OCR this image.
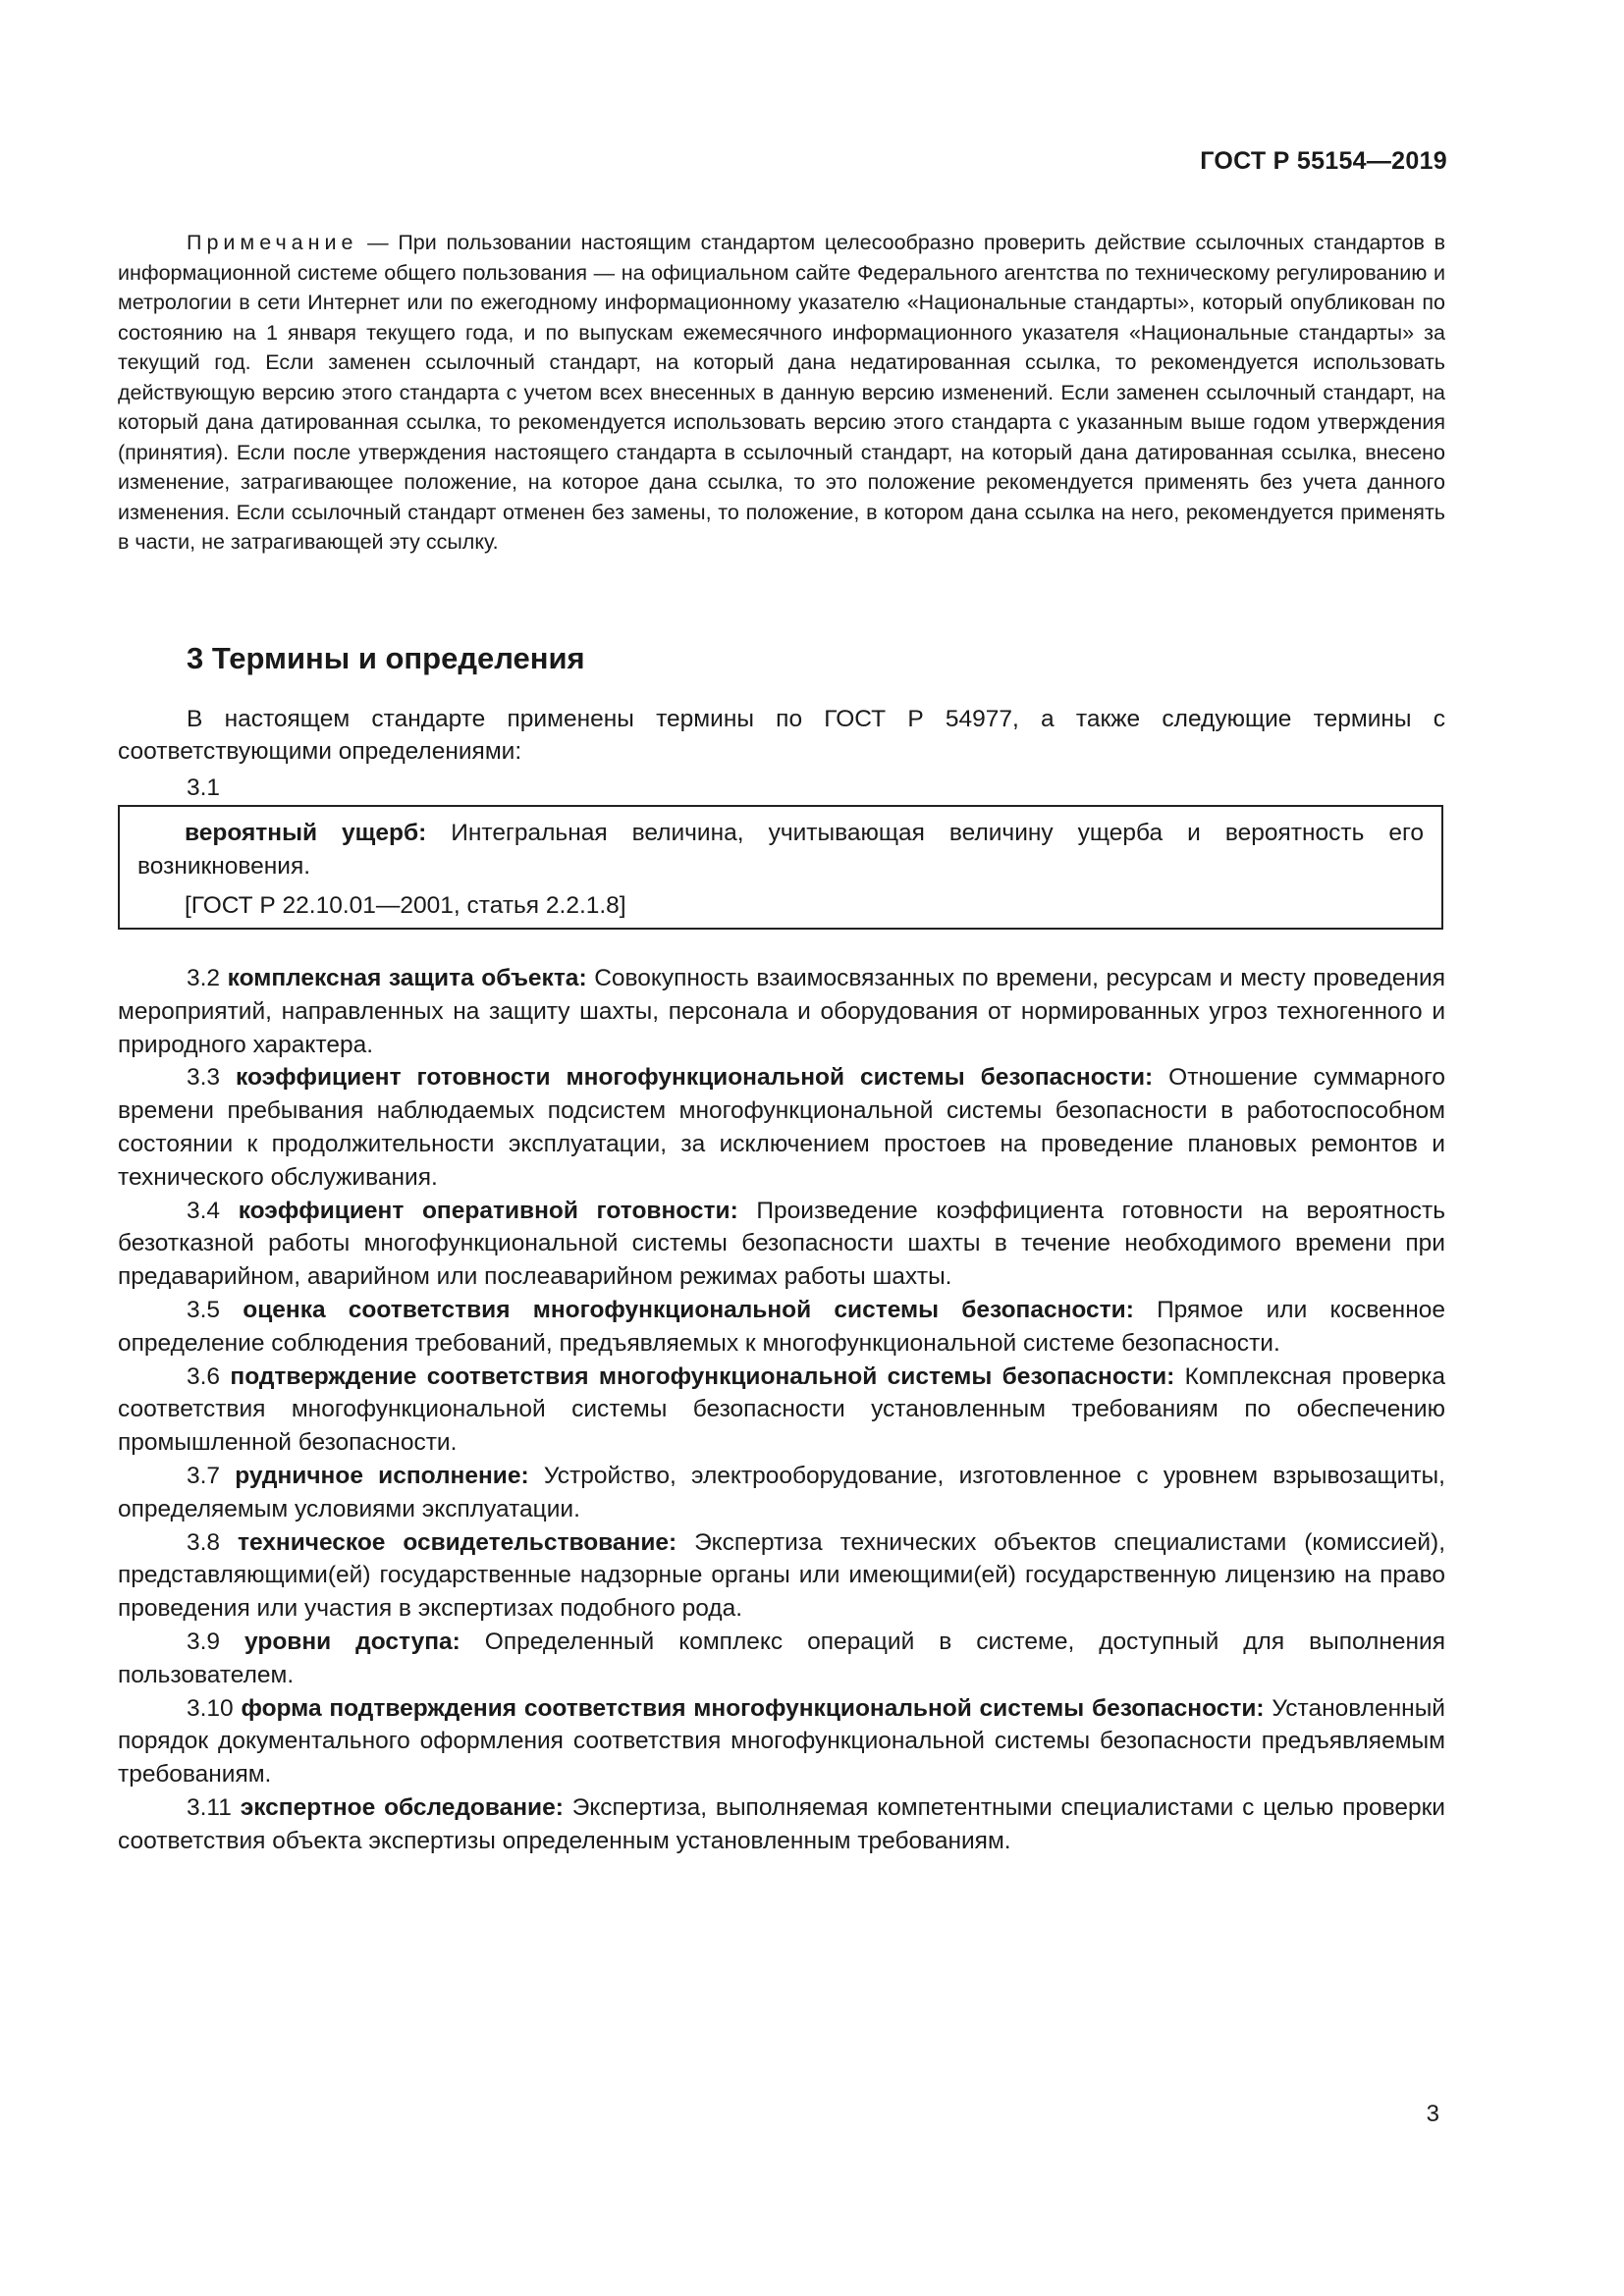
ГОСТ Р 55154—2019

Примечание — При пользовании настоящим стандартом целесообразно проверить действие ссылочных стандартов в информационной системе общего пользования — на официальном сайте Федерального агентства по техническому регулированию и метрологии в сети Интернет или по ежегодному информационному указателю «Национальные стандарты», который опубликован по состоянию на 1 января текущего года, и по выпускам ежемесячного информационного указателя «Национальные стандарты» за текущий год. Если заменен ссылочный стандарт, на который дана недатированная ссылка, то рекомендуется использовать действующую версию этого стандарта с учетом всех внесенных в данную версию изменений. Если заменен ссылочный стандарт, на который дана датированная ссылка, то рекомендуется использовать версию этого стандарта с указанным выше годом утверждения (принятия). Если после утверждения настоящего стандарта в ссылочный стандарт, на который дана датированная ссылка, внесено изменение, затрагивающее положение, на которое дана ссылка, то это положение рекомендуется применять без учета данного изменения. Если ссылочный стандарт отменен без замены, то положение, в котором дана ссылка на него, рекомендуется применять в части, не затрагивающей эту ссылку.

3 Термины и определения

В настоящем стандарте применены термины по ГОСТ Р 54977, а также следующие термины с соответствующими определениями:

3.1

вероятный ущерб: Интегральная величина, учитывающая величину ущерба и вероятность его возникновения.

[ГОСТ Р 22.10.01—2001, статья 2.2.1.8]

3.2 комплексная защита объекта: Совокупность взаимосвязанных по времени, ресурсам и месту проведения мероприятий, направленных на защиту шахты, персонала и оборудования от нормированных угроз техногенного и природного характера.

3.3 коэффициент готовности многофункциональной системы безопасности: Отношение суммарного времени пребывания наблюдаемых подсистем многофункциональной системы безопасности в работоспособном состоянии к продолжительности эксплуатации, за исключением простоев на проведение плановых ремонтов и технического обслуживания.

3.4 коэффициент оперативной готовности: Произведение коэффициента готовности на вероятность безотказной работы многофункциональной системы безопасности шахты в течение необходимого времени при предаварийном, аварийном или послеаварийном режимах работы шахты.

3.5 оценка соответствия многофункциональной системы безопасности: Прямое или косвенное определение соблюдения требований, предъявляемых к многофункциональной системе безопасности.

3.6 подтверждение соответствия многофункциональной системы безопасности: Комплексная проверка соответствия многофункциональной системы безопасности установленным требованиям по обеспечению промышленной безопасности.

3.7 рудничное исполнение: Устройство, электрооборудование, изготовленное с уровнем взрывозащиты, определяемым условиями эксплуатации.

3.8 техническое освидетельствование: Экспертиза технических объектов специалистами (комиссией), представляющими(ей) государственные надзорные органы или имеющими(ей) государственную лицензию на право проведения или участия в экспертизах подобного рода.

3.9 уровни доступа: Определенный комплекс операций в системе, доступный для выполнения пользователем.

3.10 форма подтверждения соответствия многофункциональной системы безопасности: Установленный порядок документального оформления соответствия многофункциональной системы безопасности предъявляемым требованиям.

3.11 экспертное обследование: Экспертиза, выполняемая компетентными специалистами с целью проверки соответствия объекта экспертизы определенным установленным требованиям.

3
